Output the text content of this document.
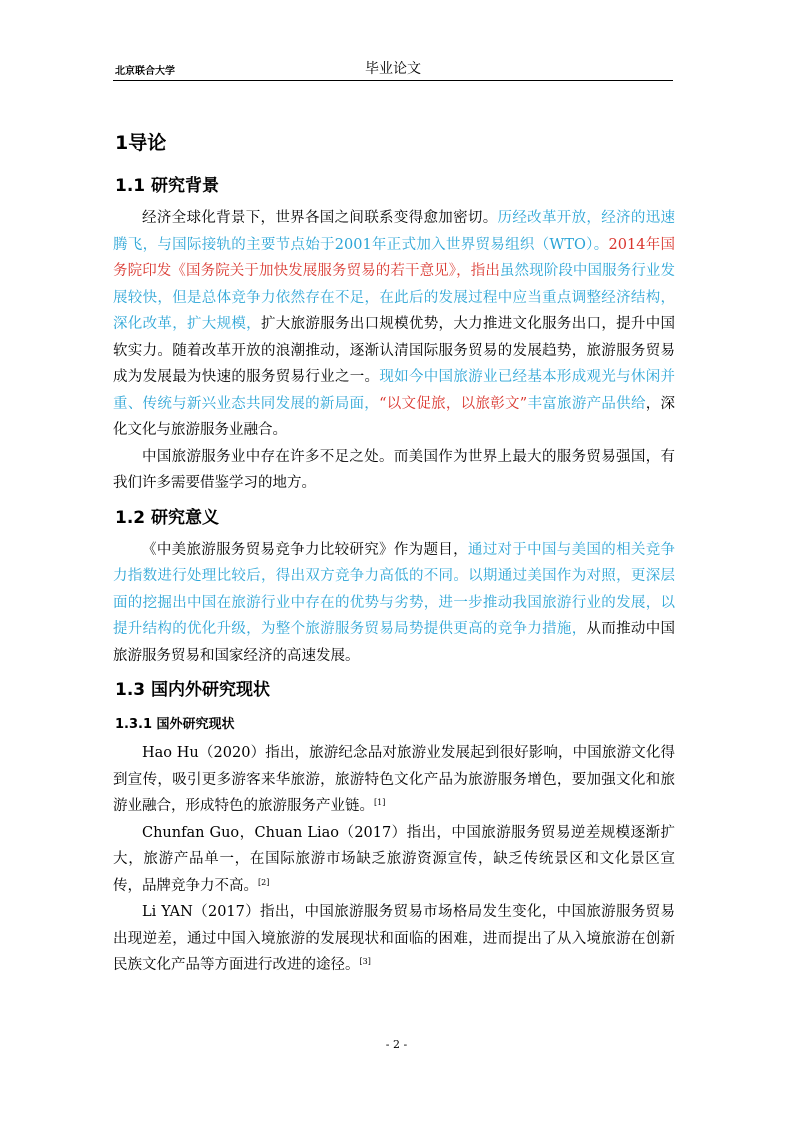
北京联合大学	毕业论文
1导论
1.1 研究背景

经济全球化背景下，世界各国之间联系变得愈加密切。历经改革开放，经济的迅速腾飞，与国际接轨的主要节点始于2001年正式加入世界贸易组织（WTO）。2014年国务院印发《国务院关于加快发展服务贸易的若干意见》，指出虽然现阶段中国服务行业发展较快，但是总体竞争力依然存在不足，在此后的发展过程中应当重点调整经济结构，深化改革，扩大规模，扩大旅游服务出口规模优势，大力推进文化服务出口，提升中国软实力。随着改革开放的浪潮推动，逐渐认清国际服务贸易的发展趋势，旅游服务贸易成为发展最为快速的服务贸易行业之一。现如今中国旅游业已经基本形成观光与休闲并重、传统与新兴业态共同发展的新局面，“以文促旅，以旅彰文”丰富旅游产品供给，深化文化与旅游服务业融合。

中国旅游服务业中存在许多不足之处。而美国作为世界上最大的服务贸易强国，有我们许多需要借鉴学习的地方。

1.2 研究意义

《中美旅游服务贸易竞争力比较研究》作为题目，通过对于中国与美国的相关竞争力指数进行处理比较后，得出双方竞争力高低的不同。以期通过美国作为对照，更深层面的挖掘出中国在旅游行业中存在的优势与劣势，进一步推动我国旅游行业的发展，以提升结构的优化升级，为整个旅游服务贸易局势提供更高的竞争力措施，从而推动中国旅游服务贸易和国家经济的高速发展。

1.3 国内外研究现状
1.3.1 国外研究现状

Hao Hu（2020）指出，旅游纪念品对旅游业发展起到很好影响，中国旅游文化得到宣传，吸引更多游客来华旅游，旅游特色文化产品为旅游服务增色，要加强文化和旅游业融合，形成特色的旅游服务产业链。[1]

Chunfan Guo，Chuan Liao（2017）指出，中国旅游服务贸易逆差规模逐渐扩大，旅游产品单一，在国际旅游市场缺乏旅游资源宣传，缺乏传统景区和文化景区宣传，品牌竞争力不高。[2]

Li YAN（2017）指出，中国旅游服务贸易市场格局发生变化，中国旅游服务贸易出现逆差，通过中国入境旅游的发展现状和面临的困难，进而提出了从入境旅游在创新民族文化产品等方面进行改进的途径。[3]

- 2 -
